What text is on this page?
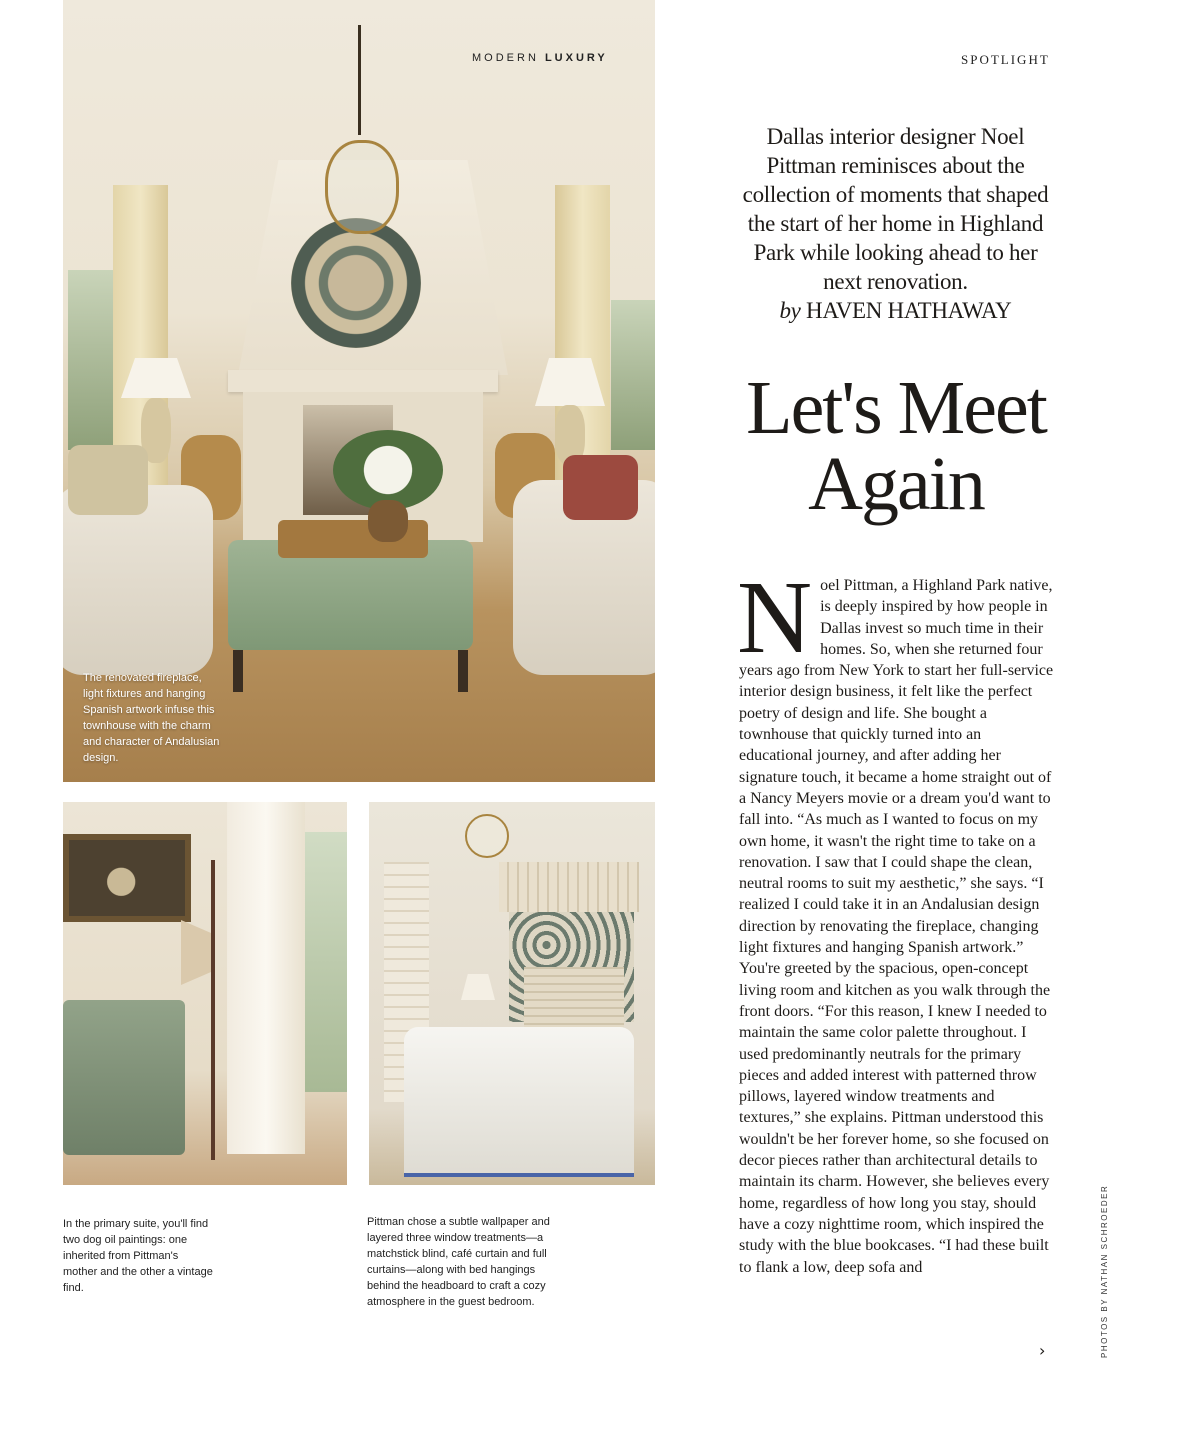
The renovated fireplace, light fixtures and hanging Spanish artwork infuse this townhouse with the charm and character of Andalusian design.

MODERN LUXURY	SPOTLIGHT

Dallas interior designer Noel Pittman reminisces about the collection of moments that shaped the start of her home in Highland Park while looking ahead to her next renovation.
by HAVEN HATHAWAY

Let's Meet Again

Noel Pittman, a Highland Park native, is deeply inspired by how people in Dallas invest so much time in their homes. So, when she returned four years ago from New York to start her full-service interior design business, it felt like the perfect poetry of design and life. She bought a townhouse that quickly turned into an educational journey, and after adding her signature touch, it became a home straight out of a Nancy Meyers movie or a dream you'd want to fall into. “As much as I wanted to focus on my own home, it wasn't the right time to take on a renovation. I saw that I could shape the clean, neutral rooms to suit my aesthetic,” she says. “I realized I could take it in an Andalusian design direction by renovating the fireplace, changing light fixtures and hanging Spanish artwork.” You're greeted by the spacious, open-concept living room and kitchen as you walk through the front doors. “For this reason, I knew I needed to maintain the same color palette throughout. I used predominantly neutrals for the primary pieces and added interest with patterned throw pillows, layered window treatments and textures,” she explains. Pittman understood this wouldn't be her forever home, so she focused on decor pieces rather than architectural details to maintain its charm. However, she believes every home, regardless of how long you stay, should have a cozy nighttime room, which inspired the study with the blue bookcases. “I had these built to flank a low, deep sofa and

›

In the primary suite, you'll find two dog oil paintings: one inherited from Pittman's mother and the other a vintage find.

Pittman chose a subtle wallpaper and layered three window treatments—a matchstick blind, café curtain and full curtains—along with bed hangings behind the headboard to craft a cozy atmosphere in the guest bedroom.	PHOTOS BY NATHAN SCHROEDER
